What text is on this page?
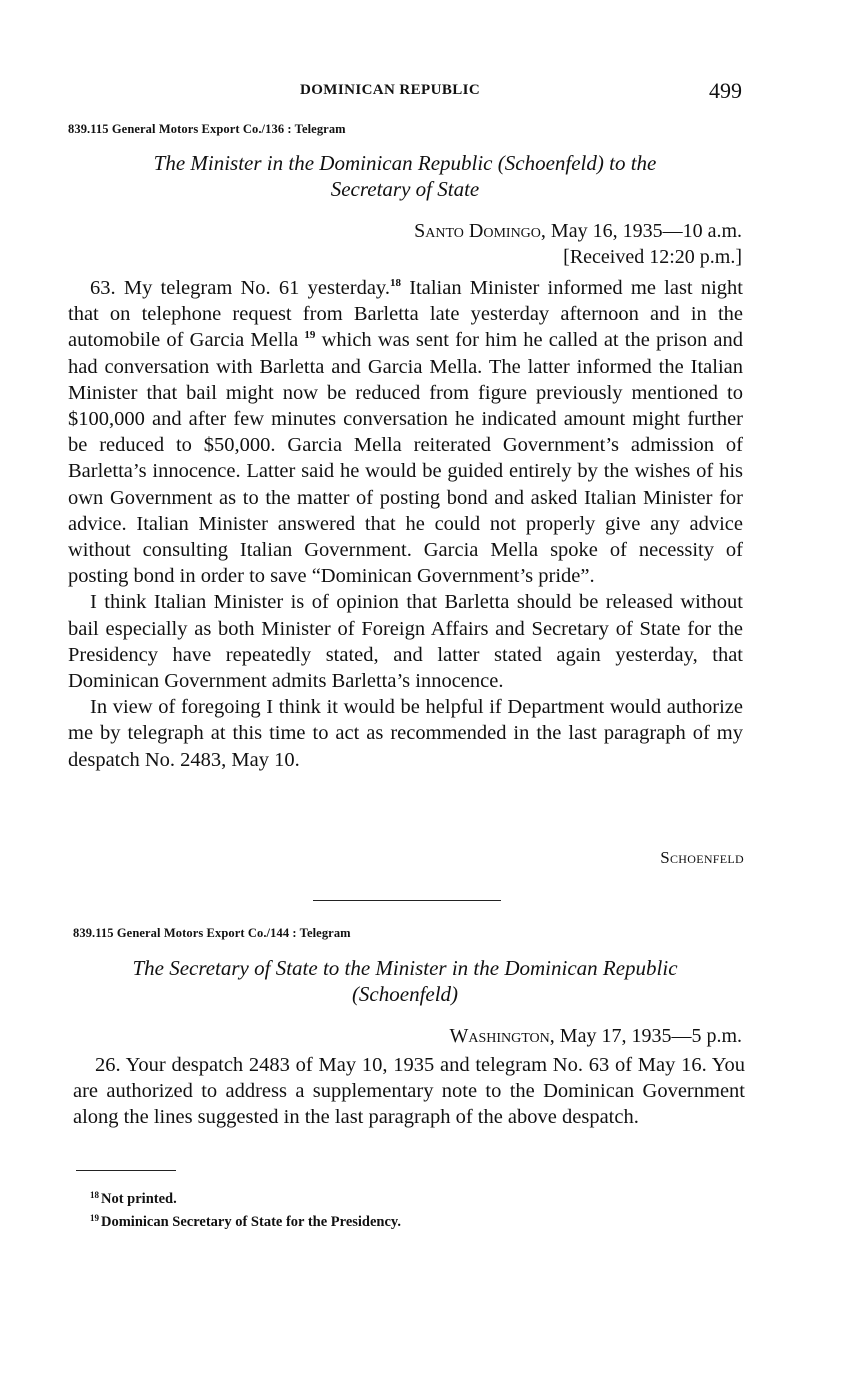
DOMINICAN REPUBLIC	499
839.115 General Motors Export Co./136 : Telegram
The Minister in the Dominican Republic (Schoenfeld) to the
Secretary of State
Santo Domingo, May 16, 1935—10 a.m.
[Received 12:20 p.m.]

63. My telegram No. 61 yesterday.$^{18}$ Italian Minister informed me last night that on telephone request from Barletta late yesterday afternoon and in the automobile of Garcia Mella $^{19}$ which was sent for him he called at the prison and had conversation with Barletta and Garcia Mella. The latter informed the Italian Minister that bail might now be reduced from figure previously mentioned to $100,000 and after few minutes conversation he indicated amount might further be reduced to $50,000. Garcia Mella reiterated Government’s admission of Barletta’s innocence. Latter said he would be guided entirely by the wishes of his own Government as to the matter of posting bond and asked Italian Minister for advice. Italian Minister answered that he could not properly give any advice without consulting Italian Government. Garcia Mella spoke of necessity of posting bond in order to save “Dominican Government’s pride”.

I think Italian Minister is of opinion that Barletta should be released without bail especially as both Minister of Foreign Affairs and Secretary of State for the Presidency have repeatedly stated, and latter stated again yesterday, that Dominican Government admits Barletta’s innocence.

In view of foregoing I think it would be helpful if Department would authorize me by telegraph at this time to act as recommended in the last paragraph of my despatch No. 2483, May 10.

Schoenfeld
839.115 General Motors Export Co./144 : Telegram
The Secretary of State to the Minister in the Dominican Republic
(Schoenfeld)
Washington, May 17, 1935—5 p.m.

26. Your despatch 2483 of May 10, 1935 and telegram No. 63 of May 16. You are authorized to address a supplementary note to the Dominican Government along the lines suggested in the last paragraph of the above despatch.

$^{18}$ Not printed.
$^{19}$ Dominican Secretary of State for the Presidency.
